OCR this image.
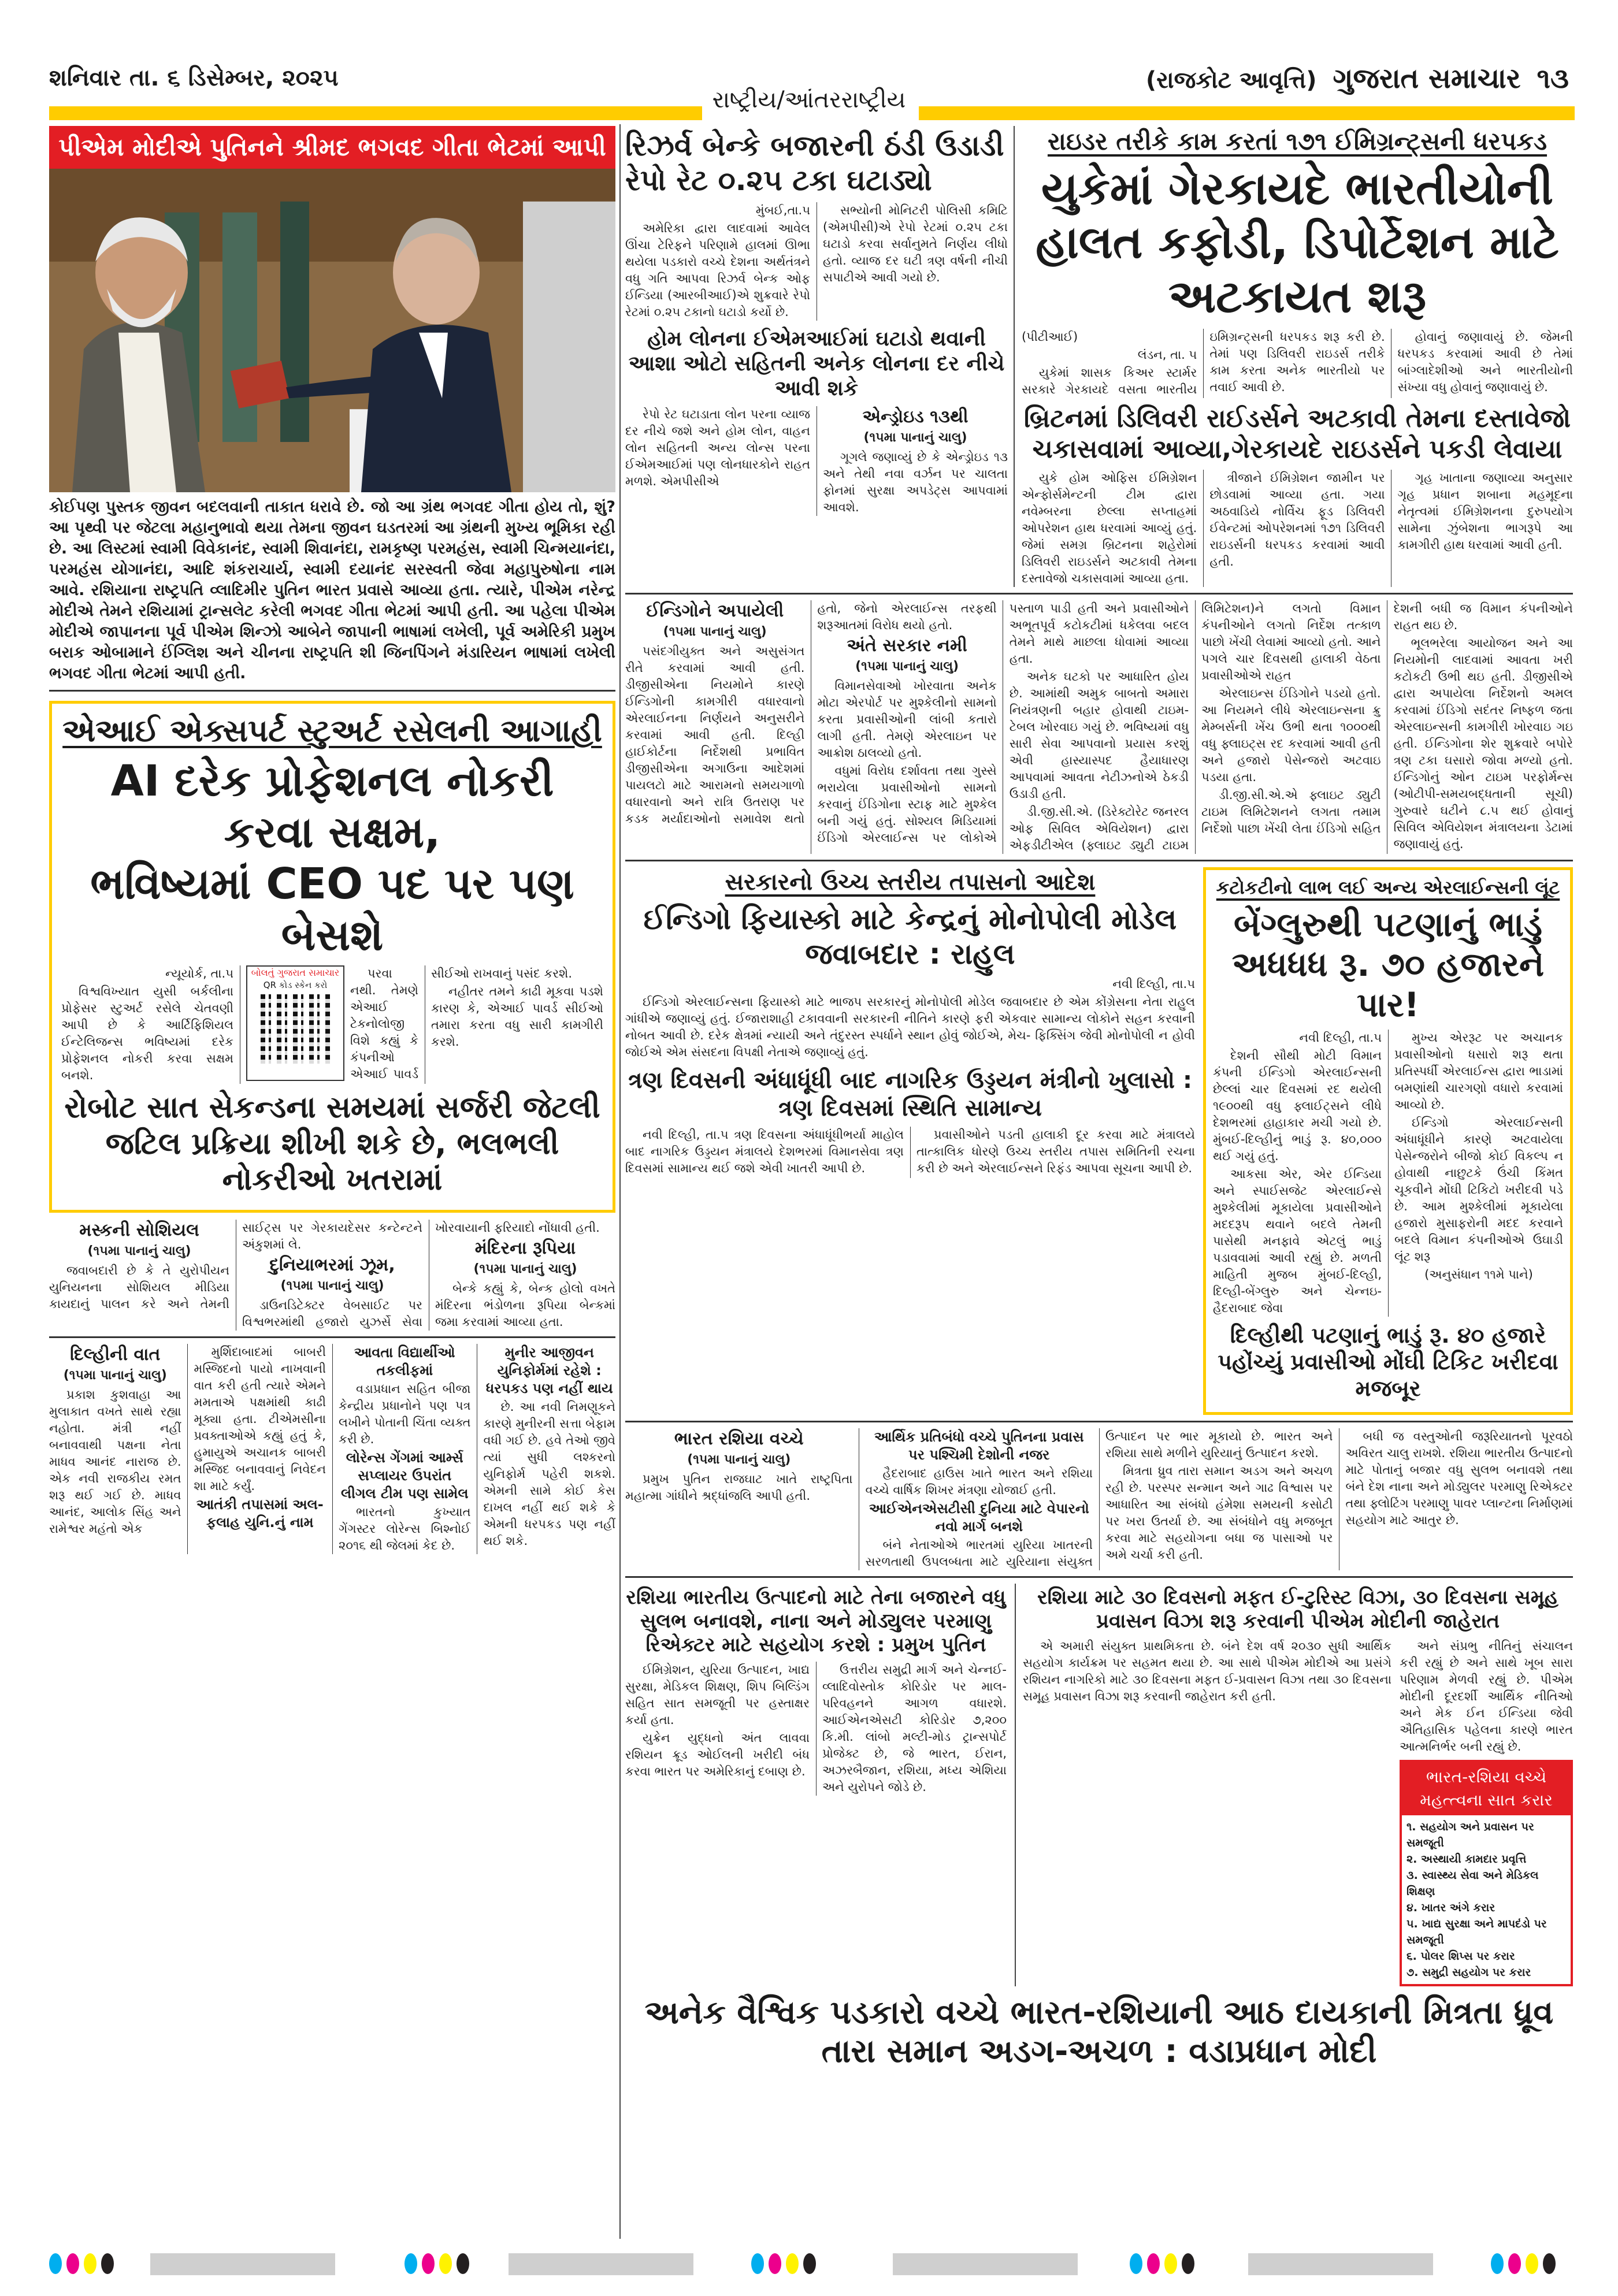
શનિવાર તા. ૬ ડિસેમ્બર, ૨૦૨૫	(રાજકોટ આવૃત્તિ) ગુજરાત સમાચાર ૧૩
રાષ્ટ્રીય/આંતરરાષ્ટ્રીય
પીએમ મોદીએ પુતિનને શ્રીમદ ભગવદ ગીતા ભેટમાં આપી
કોઈપણ પુસ્તક જીવન બદલવાની તાકાત ધરાવે છે. જો આ ગ્રંથ ભગવદ ગીતા હોય તો, શું? આ પૃથ્વી પર જેટલા મહાનુભાવો થયા તેમના જીવન ઘડતરમાં આ ગ્રંથની મુખ્ય ભૂમિકા રહી છે. આ લિસ્ટમાં સ્વામી વિવેકાનંદ, સ્વામી શિવાનંદા, રામકૃષ્ણ પરમહંસ, સ્વામી ચિન્મયાનંદા, પરમહંસ યોગાનંદા, આદિ શંકરાચાર્ય, સ્વામી દયાનંદ સરસ્વતી જેવા મહાપુરુષોના નામ આવે. રશિયાના રાષ્ટ્રપતિ વ્લાદિમીર પુતિન ભારત પ્રવાસે આવ્યા હતા. ત્યારે, પીએમ નરેન્દ્ર મોદીએ તેમને રશિયામાં ટ્રાન્સલેટ કરેલી ભગવદ ગીતા ભેટમાં આપી હતી. આ પહેલા પીએમ મોદીએ જાપાનના પૂર્વ પીએમ શિન્ઝો આબેને જાપાની ભાષામાં લખેલી, પૂર્વ અમેરિકી પ્રમુખ બરાક ઓબામાને ઈંગ્લિશ અને ચીનના રાષ્ટ્રપતિ શી જિનપિંગને મંડારિયન ભાષામાં લખેલી ભગવદ ગીતા ભેટમાં આપી હતી.
એઆઈ એક્સપર્ટ સ્ટુઅર્ટ રસેલની આગાહી
AI દરેક પ્રોફેશનલ નોકરી કરવા સક્ષમ,
ભવિષ્યમાં CEO પદ પર પણ બેસશે

ન્યૂયોર્ક, તા.૫

વિશ્વવિખ્યાત યુસી બર્કલીના પ્રોફેસર સ્ટુઅર્ટ રસેલે ચેતવણી આપી છે કે આર્ટિફિશિયલ ઈન્ટેલિજન્સ ભવિષ્યમાં દરેક પ્રોફેશનલ નોકરી કરવા સક્ષમ બનશે.

બોલતું ગુજરાત સમાચાર
QR કોડ સ્કેન કરો

પરવા નથી. તેમણે એઆઈ ટેકનોલોજી વિશે કહ્યું કે કંપનીઓ એઆઈ પાવર્ડ સીઈઓ રાખવાનું પસંદ કરશે.

નહીતર તમને કાઢી મૂકવા પડશે કારણ કે, એઆઈ પાવર્ડ સીઈઓ તમારા કરતા વધુ સારી કામગીરી કરશે.

રોબોટ સાત સેકન્ડના સમયમાં સર્જરી જેટલી જટિલ પ્રક્રિયા શીખી શકે છે, ભલભલી નોકરીઓ ખતરામાં
મસ્કની સોશિયલ
(૧૫મા પાનાનું ચાલુ)

જવાબદારી છે કે તે યુરોપીયન યુનિયનના સોશિયલ મીડિયા કાયદાનું પાલન કરે અને તેમની સાઈટ્સ પર ગેરકાયદેસર કન્ટેન્ટને અંકુશમાં લે.

દુનિયાભરમાં ઝૂમ,
(૧૫મા પાનાનું ચાલુ)

ડાઉનડિટેક્ટર વેબસાઈટ પર વિશ્વભરમાંથી હજારો યુઝર્સે સેવા ખોરવાયાની ફરિયાદો નોંધાવી હતી.

મંદિરના રૂપિયા
(૧૫મા પાનાનું ચાલુ)

બેન્કે કહ્યું કે, બેન્ક હોલો વખતે મંદિરના ભંડોળના રૂપિયા બેન્કમાં જમા કરવામાં આવ્યા હતા.

દિલ્હીની વાત
(૧૫મા પાનાનું ચાલુ)

પ્રકાશ કુશવાહા આ મુલાકાત વખતે સાથે રહ્યા નહોતા. મંત્રી નહીં બનાવવાથી પક્ષના નેતા માધવ આનંદ નારાજ છે. એક નવી રાજકીય રમત શરૂ થઈ ગઈ છે. માધવ આનંદ, આલોક સિંહ અને રામેશ્વર મહંતો એક

મુર્શિદાબાદમાં બાબરી મસ્જિદનો પાયો નાખવાની વાત કરી હતી ત્યારે એમને મમતાએ પક્ષમાંથી કાઢી મૂક્યા હતા. ટીએમસીના પ્રવક્તાઓએ કહ્યું હતું કે, હુમાયુએ અચાનક બાબરી મસ્જિદ બનાવવાનું નિવેદન શા માટે કર્યું.

આતંકી તપાસમાં અલ-ફલાહ યુનિ.નું નામ આવતા વિદ્યાર્થીઓ તકલીફમાં

વડાપ્રધાન સહિત બીજા કેન્દ્રીય પ્રધાનોને પણ પત્ર લખીને પોતાની ચિંતા વ્યક્ત કરી છે.

લોરેન્સ ગેંગમાં આર્મ્સ સપ્લાયર ઉપરાંત લીગલ ટીમ પણ સામેલ

ભારતનો કુખ્યાત ગેંગસ્ટર લોરેન્સ બિશ્નોઈ ૨૦૧૬ થી જેલમાં કેદ છે.

મુનીર આજીવન યુનિફોર્મમાં રહેશે : ધરપકડ પણ નહીં થાય

છે. આ નવી નિમણૂકને કારણે મુનીરની સત્તા બેફામ વધી ગઈ છે. હવે તેઓ જીવે ત્યાં સુધી લશ્કરનો યુનિફોર્મ પહેરી શકશે. એમની સામે કોઈ કેસ દાખલ નહીં થઈ શકે કે એમની ધરપકડ પણ નહીં થઈ શકે.

રિઝર્વ બેન્કે બજારની ઠંડી ઉડાડી રેપો રેટ ૦.૨૫ ટકા ઘટાડ્યો

મુંબઈ,તા.૫

અમેરિકા દ્વારા લાદવામાં આવેલ ઊંચા ટેરિફને પરિણામે હાલમાં ઊભા થયેલા પડકારો વચ્ચે દેશના અર્થતંત્રને વધુ ગતિ આપવા રિઝર્વ બેન્ક ઓફ ઈન્ડિયા (આરબીઆઈ)એ શુક્રવારે રેપો રેટમાં ૦.૨૫ ટકાનો ઘટાડો કર્યો છે.

સભ્યોની મોનિટરી પોલિસી કમિટિ (એમપીસી)એ રેપો રેટમાં ૦.૨૫ ટકા ઘટાડો કરવા સર્વાનુમતે નિર્ણય લીધો હતો. વ્યાજ દર ઘટી ત્રણ વર્ષની નીચી સપાટીએ આવી ગયો છે.

હોમ લોનના ઈએમઆઈમાં ઘટાડો થવાની આશા ઓટો સહિતની અનેક લોનના દર નીચે આવી શકે

રેપો રેટ ઘટાડાતા લોન પરના વ્યાજ દર નીચે જશે અને હોમ લોન, વાહન લોન સહિતની અન્ય લોન્સ પરના ઈએમઆઈમાં પણ લોનધારકોને રાહત મળશે. એમપીસીએ

એન્ડ્રોઇડ ૧૩થી
(૧૫મા પાનાનું ચાલુ)

ગૂગલે જણાવ્યું છે કે એન્ડ્રોઇડ ૧૩ અને તેથી નવા વર્ઝન પર ચાલતા ફોનમાં સુરક્ષા અપડેટ્સ આપવામાં આવશે.

રાઇડર તરીકે કામ કરતાં ૧૭૧ ઈમિગ્રન્ટ્સની ધરપકડ
યુકેમાં ગેરકાયદે ભારતીયોની હાલત કફોડી, ડિપોર્ટેશન માટે અટકાયત શરૂ

(પીટીઆઈ)

લંડન, તા. ૫

યુકેમાં શાસક કિઅર સ્ટાર્મર સરકારે ગેરકાયદે વસતા ભારતીય ઇમિગ્રન્ટ્સની ધરપકડ શરૂ કરી છે. તેમાં પણ ડિલિવરી રાઇડર્સ તરીકે કામ કરતા અનેક ભારતીયો પર તવાઈ આવી છે.

હોવાનું જણાવાયું છે. જેમની ધરપકડ કરવામાં આવી છે તેમાં બાંગ્લાદેશીઓ અને ભારતીયોની સંખ્યા વધુ હોવાનું જણાવાયું છે.

બ્રિટનમાં ડિલિવરી રાઈડર્સને અટકાવી તેમના દસ્તાવેજો ચકાસવામાં આવ્યા,ગેરકાયદે રાઇડર્સને પકડી લેવાયા

યુકે હોમ ઓફિસ ઈમિગ્રેશન એન્ફોર્સમેન્ટની ટીમ દ્વારા નવેમ્બરના છેલ્લા સપ્તાહમાં ઓપરેશન હાથ ધરવામાં આવ્યું હતું. જેમાં સમગ્ર બ્રિટનના શહેરોમાં ડિલિવરી રાઇડર્સને અટકાવી તેમના દસ્તાવેજો ચકાસવામાં આવ્યા હતા.

ત્રીજાને ઈમિગ્રેશન જામીન પર છોડવામાં આવ્યા હતા. ગયા અઠવાડિયે નોર્વિચ ફૂડ ડિલિવરી ઈવેન્ટમાં ઓપરેશનમાં ૧૭૧ ડિલિવરી રાઇડર્સની ધરપકડ કરવામાં આવી હતી.

ગૃહ ખાતાના જણાવ્યા અનુસાર ગૃહ પ્રધાન શબાના મહમૂદના નેતૃત્વમાં ઈમિગ્રેશનના દુરુપયોગ સામેના ઝુંબેશના ભાગરૂપે આ કામગીરી હાથ ધરવામાં આવી હતી.

ઈન્ડિગોને અપાયેલી
(૧૫મા પાનાનું ચાલુ)

પસંદગીયુક્ત અને અસુસંગત રીતે કરવામાં આવી હતી. ડીજીસીએના નિયમોને કારણે ઈન્ડિગોની કામગીરી વધારવાનો એરલાઈનના નિર્ણયને અનુસરીને કરવામાં આવી હતી. દિલ્હી હાઈકોર્ટના નિર્દેશથી પ્રભાવિત ડીજીસીએના અગાઉના આદેશમાં પાયલટો માટે આરામનો સમયગાળો વધારવાનો અને રાત્રિ ઉતરાણ પર કડક મર્યાદાઓનો સમાવેશ થતો હતો, જેનો એરલાઈન્સ તરફથી શરૂઆતમાં વિરોધ થયો હતો.

અંતે સરકાર નમી
(૧૫મા પાનાનું ચાલુ)

વિમાનસેવાઓ ખોરવાતા અનેક મોટા એરપોર્ટ પર મુશ્કેલીનો સામનો કરતા પ્રવાસીઓની લાંબી કતારો લાગી હતી. તેમણે એરલાઇન પર આક્રોશ ઠાલવ્યો હતો.

વધુમાં વિરોધ દર્શાવતા તથા ગુસ્સે ભરાયેલા પ્રવાસીઓનો સામનો કરવાનું ઈંડિગોના સ્ટાફ માટે મુશ્કેલ બની ગયું હતું. સોશ્યલ મિડિયામાં ઈંડિગો એરલાઈન્સ પર લોકોએ પસ્તાળ પાડી હતી અને પ્રવાસીઓને અભૂતપૂર્વ કટોકટીમાં ધકેલવા બદલ તેમને માથે માછલા ધોવામાં આવ્યા હતા.

અનેક ઘટકો પર આધારિત હોય છે. આમાંથી અમુક બાબતો અમારા નિયંત્રણની બહાર હોવાથી ટાઇમ-ટેબલ ખોરવાઇ ગયું છે. ભવિષ્યમાં વધુ સારી સેવા આપવાનો પ્રયાસ કરશું એવી હાસ્યાસ્પદ હૈયાધારણ આપવામાં આવતા નેટીઝનોએ ઠેકડી ઉડાડી હતી.

ડી.જી.સી.એ. (ડિરેક્ટોરેટ જનરલ ઓફ સિવિલ એવિયેશન) દ્વારા એફડીટીએલ (ફ્લાઇટ ડ્યુટી ટાઇમ લિમિટેશન)ને લગતો વિમાન કંપનીઓને લગતો નિર્દેશ તત્કાળ પાછો ખેંચી લેવામાં આવ્યો હતો. આને પગલે ચાર દિવસથી હાલાકી વેઠતા પ્રવાસીઓએ રાહત

એરલાઇન્સ ઈંડિગોને પડયો હતો. આ નિયમને લીધે એરલાઇન્સના ક્રુ મેમ્બર્સની ખેંચ ઉભી થતા ૧૦૦૦થી વધુ ફ્લાઇટ્સ રદ કરવામાં આવી હતી અને હજારો પેસેન્જરો અટવાઇ પડયા હતા.

ડી.જી.સી.એ.એ ફ્લાઇટ ડ્યુટી ટાઇમ લિમિટેશનને લગતા તમામ નિર્દેશો પાછા ખેંચી લેતા ઈંડિગો સહિત દેશની બધી જ વિમાન કંપનીઓને રાહત થઇ છે.

ભૂલભરેલા આયોજન અને આ નિયમોની લાદવામાં આવતા ખરી કટોકટી ઉભી થઇ હતી. ડીજીસીએ દ્વારા અપાયેલા નિર્દેશનો અમલ કરવામાં ઈંડિગો સદંતર નિષ્ફળ જતા એરલાઇન્સની કામગીરી ખોરવાઇ ગઇ હતી. ઈન્ડિગોના શેર શુક્રવારે બપોરે ત્રણ ટકા ઘસારો જોવા મળ્યો હતો. ઈન્ડિગોનું ઓન ટાઇમ પરફોર્મન્સ (ઓટીપી-સમયબદ્ધતાની સૂચી) ગુરુવારે ઘટીને ૮.૫ થઈ હોવાનું સિવિલ એવિયેશન મંત્રાલયના ડેટામાં જણાવાયું હતું.

સરકારનો ઉચ્ચ સ્તરીય તપાસનો આદેશ
ઈન્ડિગો ફિયાસ્કો માટે કેન્દ્રનું મોનોપોલી મોડેલ જવાબદાર : રાહુલ

નવી દિલ્હી, તા.૫

ઈન્ડિગો એરલાઈન્સના ફિયાસ્કો માટે ભાજપ સરકારનું મોનોપોલી મોડેલ જવાબદાર છે એમ કોંગ્રેસના નેતા રાહુલ ગાંધીએ જણાવ્યું હતું. ઈજારાશાહી ટકાવવાની સરકારની નીતિને કારણે ફરી એકવાર સામાન્ય લોકોને સહન કરવાની નોબત આવી છે. દરેક ક્ષેત્રમાં ન્યાયી અને તંદુરસ્ત સ્પર્ધાને સ્થાન હોવું જોઈએ, મેચ- ફિક્સિંગ જેવી મોનોપોલી ન હોવી જોઈએ એમ સંસદના વિપક્ષી નેતાએ જણાવ્યું હતું.

ત્રણ દિવસની અંધાધૂંધી બાદ નાગરિક ઉડ્ડયન મંત્રીનો ખુલાસો : ત્રણ દિવસમાં સ્થિતિ સામાન્ય

નવી દિલ્હી, તા.૫ ત્રણ દિવસના અંધાધૂંધીભર્યા માહોલ બાદ નાગરિક ઉડ્ડયન મંત્રાલયે દેશભરમાં વિમાનસેવા ત્રણ દિવસમાં સામાન્ય થઈ જશે એવી ખાતરી આપી છે.

પ્રવાસીઓને પડતી હાલાકી દૂર કરવા માટે મંત્રાલયે તાત્કાલિક ધોરણે ઉચ્ચ સ્તરીય તપાસ સમિતિની રચના કરી છે અને એરલાઈન્સને રિફંડ આપવા સૂચના આપી છે.

કટોકટીનો લાભ લઈ અન્ય એરલાઈન્સની લૂંટ
બેંગ્લુરુથી પટણાનું ભાડું અધધધ રૂ. ૭૦ હજારને પાર!

નવી દિલ્હી, તા.૫

દેશની સૌથી મોટી વિમાન કંપની ઈન્ડિગો એરલાઈન્સની છેલ્લાં ચાર દિવસમાં રદ થયેલી ૧૯૦૦થી વધુ ફ્લાઈટ્સને લીધે દેશભરમાં હાહાકાર મચી ગયો છે. મુંબઈ-દિલ્હીનું ભાડું રૂ. ૪૦,૦૦૦ થઈ ગયું હતું.

આકસા એર, એર ઈન્ડિયા અને સ્પાઈસજેટ એરલાઈન્સે મુશ્કેલીમાં મૂકાયેલા પ્રવાસીઓને મદદરૂપ થવાને બદલે તેમની પાસેથી મનફાવે એટલું ભાડું પડાવવામાં આવી રહ્યું છે. મળતી માહિતી મુજબ મુંબઈ-દિલ્હી, દિલ્હી-બેંગ્લુરુ અને ચેન્નઇ- હૈદરાબાદ જેવા

મુખ્ય એરરૂટ પર અચાનક પ્રવાસીઓનો ધસારો શરૂ થતા પ્રતિસ્પર્ધી એરલાઈન્સ દ્વારા ભાડામાં બમણાંથી ચારગણો વધારો કરવામાં આવ્યો છે.

ઈન્ડિગો એરલાઈન્સની અંધાધૂંધીને કારણે અટવાયેલા પેસેન્જરોને બીજો કોઈ વિકલ્પ ન હોવાથી નાછુટકે ઉંચી કિંમત ચૂકવીને મોંઘી ટિકિટો ખરીદવી પડે છે. આમ મુશ્કેલીમાં મૂકાયેલા હજારો મુસાફરોની મદદ કરવાને બદલે વિમાન કંપનીઓએ ઉઘાડી લૂંટ શરૂ

(અનુસંધાન ૧૧મે પાને)

દિલ્હીથી પટણાનું ભાડું રૂ. ૪૦ હજારે પહોંચ્યું પ્રવાસીઓ મોંઘી ટિકિટ ખરીદવા મજબૂર
ભારત રશિયા વચ્ચે
(૧૫મા પાનાનું ચાલુ)

પ્રમુખ પુતિન રાજઘાટ ખાતે રાષ્ટ્રપિતા મહાત્મા ગાંધીને શ્રદ્ધાંજલિ આપી હતી.

આર્થિક પ્રતિબંધો વચ્ચે પુતિનના પ્રવાસ પર પશ્ચિમી દેશોની નજર

હૈદરાબાદ હાઉસ ખાતે ભારત અને રશિયા વચ્ચે વાર્ષિક શિખર મંત્રણા યોજાઈ હતી.

આઈએનએસટીસી દુનિયા માટે વેપારનો નવો માર્ગ બનશે

બંને નેતાઓએ ભારતમાં યુરિયા ખાતરની સરળતાથી ઉપલબ્ધતા માટે યુરિયાના સંયુક્ત ઉત્પાદન પર ભાર મૂકાયો છે. ભારત અને રશિયા સાથે મળીને યુરિયાનું ઉત્પાદન કરશે.

મિત્રતા ધ્રુવ તારા સમાન અડગ અને અચળ રહી છે. પરસ્પર સન્માન અને ગાઢ વિશ્વાસ પર આધારિત આ સંબંધો હંમેશા સમયની કસોટી પર ખરા ઉતર્યા છે. આ સંબંધોને વધુ મજબૂત કરવા માટે સહયોગના બધા જ પાસાઓ પર અમે ચર્ચા કરી હતી.

બધી જ વસ્તુઓની જરૂરિયાતનો પૂરવઠો અવિરત ચાલુ રાખશે. રશિયા ભારતીય ઉત્પાદનો માટે પોતાનું બજાર વધુ સુલભ બનાવશે તથા બંને દેશ નાના અને મોડ્યુલર પરમાણુ રિએક્ટર તથા ફ્લોટિંગ પરમાણુ પાવર પ્લાન્ટના નિર્માણમાં સહયોગ માટે આતુર છે.

રશિયા ભારતીય ઉત્પાદનો માટે તેના બજારને વધુ સુલભ બનાવશે, નાના અને મોડ્યુલર પરમાણુ રિએક્ટર માટે સહયોગ કરશે : પ્રમુખ પુતિન

ઈમિગ્રેશન, યુરિયા ઉત્પાદન, ખાદ્ય સુરક્ષા, મેડિકલ શિક્ષણ, શિપ બિલ્ડિંગ સહિત સાત સમજૂતી પર હસ્તાક્ષર કર્યા હતા.

યુક્રેન યુદ્ધનો અંત લાવવા રશિયન ક્રૂડ ઓઈલની ખરીદી બંધ કરવા ભારત પર અમેરિકાનું દબાણ છે.

ઉત્તરીય સમુદ્રી માર્ગ અને ચેન્નઈ-વ્લાદિવોસ્તોક કોરિડોર પર માલ-પરિવહનને આગળ વધારશે. આઈએનએસટી કોરિડોર ૭,૨૦૦ કિ.મી. લાંબો મલ્ટી-મોડ ટ્રાન્સપોર્ટ પ્રોજેક્ટ છે, જે ભારત, ઈરાન, અઝરબૈજાન, રશિયા, મધ્ય એશિયા અને યુરોપને જોડે છે.

રશિયા માટે ૩૦ દિવસનો મફત ઈ-ટુરિસ્ટ વિઝા, ૩૦ દિવસના સમૂહ પ્રવાસન વિઝા શરૂ કરવાની પીએમ મોદીની જાહેરાત

એ અમારી સંયુક્ત પ્રાથમિકતા છે. બંને દેશ વર્ષ ૨૦૩૦ સુધી આર્થિક સહયોગ કાર્યક્રમ પર સહમત થયા છે. આ સાથે પીએમ મોદીએ આ પ્રસંગે રશિયન નાગરિકો માટે ૩૦ દિવસના મફત ઈ-પ્રવાસન વિઝા તથા ૩૦ દિવસના સમૂહ પ્રવાસન વિઝા શરૂ કરવાની જાહેરાત કરી હતી.

અને સંપ્રભુ નીતિનું સંચાલન કરી રહ્યું છે અને સાથે ખૂબ સારા પરિણામ મેળવી રહ્યું છે. પીએમ મોદીની દૂરદર્શી આર્થિક નીતિઓ અને મેક ઈન ઈન્ડિયા જેવી ઐતિહાસિક પહેલના કારણે ભારત આત્મનિર્ભર બની રહ્યું છે.

ભારત-રશિયા વચ્ચે મહત્ત્વના સાત કરાર
૧. સહયોગ અને પ્રવાસન પર સમજૂતી
૨. અસ્થાયી કામદાર પ્રવૃત્તિ
૩. સ્વાસ્થ્ય સેવા અને મેડિકલ શિક્ષણ
૪. ખાતર અંગે કરાર
૫. ખાદ્ય સુરક્ષા અને માપદંડો પર સમજૂતી
૬. પોલર શિપ્સ પર કરાર
૭. સમુદ્રી સહયોગ પર કરાર
અનેક વૈશ્વિક પડકારો વચ્ચે ભારત-રશિયાની આઠ દાયકાની મિત્રતા ધ્રૂવ તારા સમાન અડગ-અચળ : વડાપ્રધાન મોદી
